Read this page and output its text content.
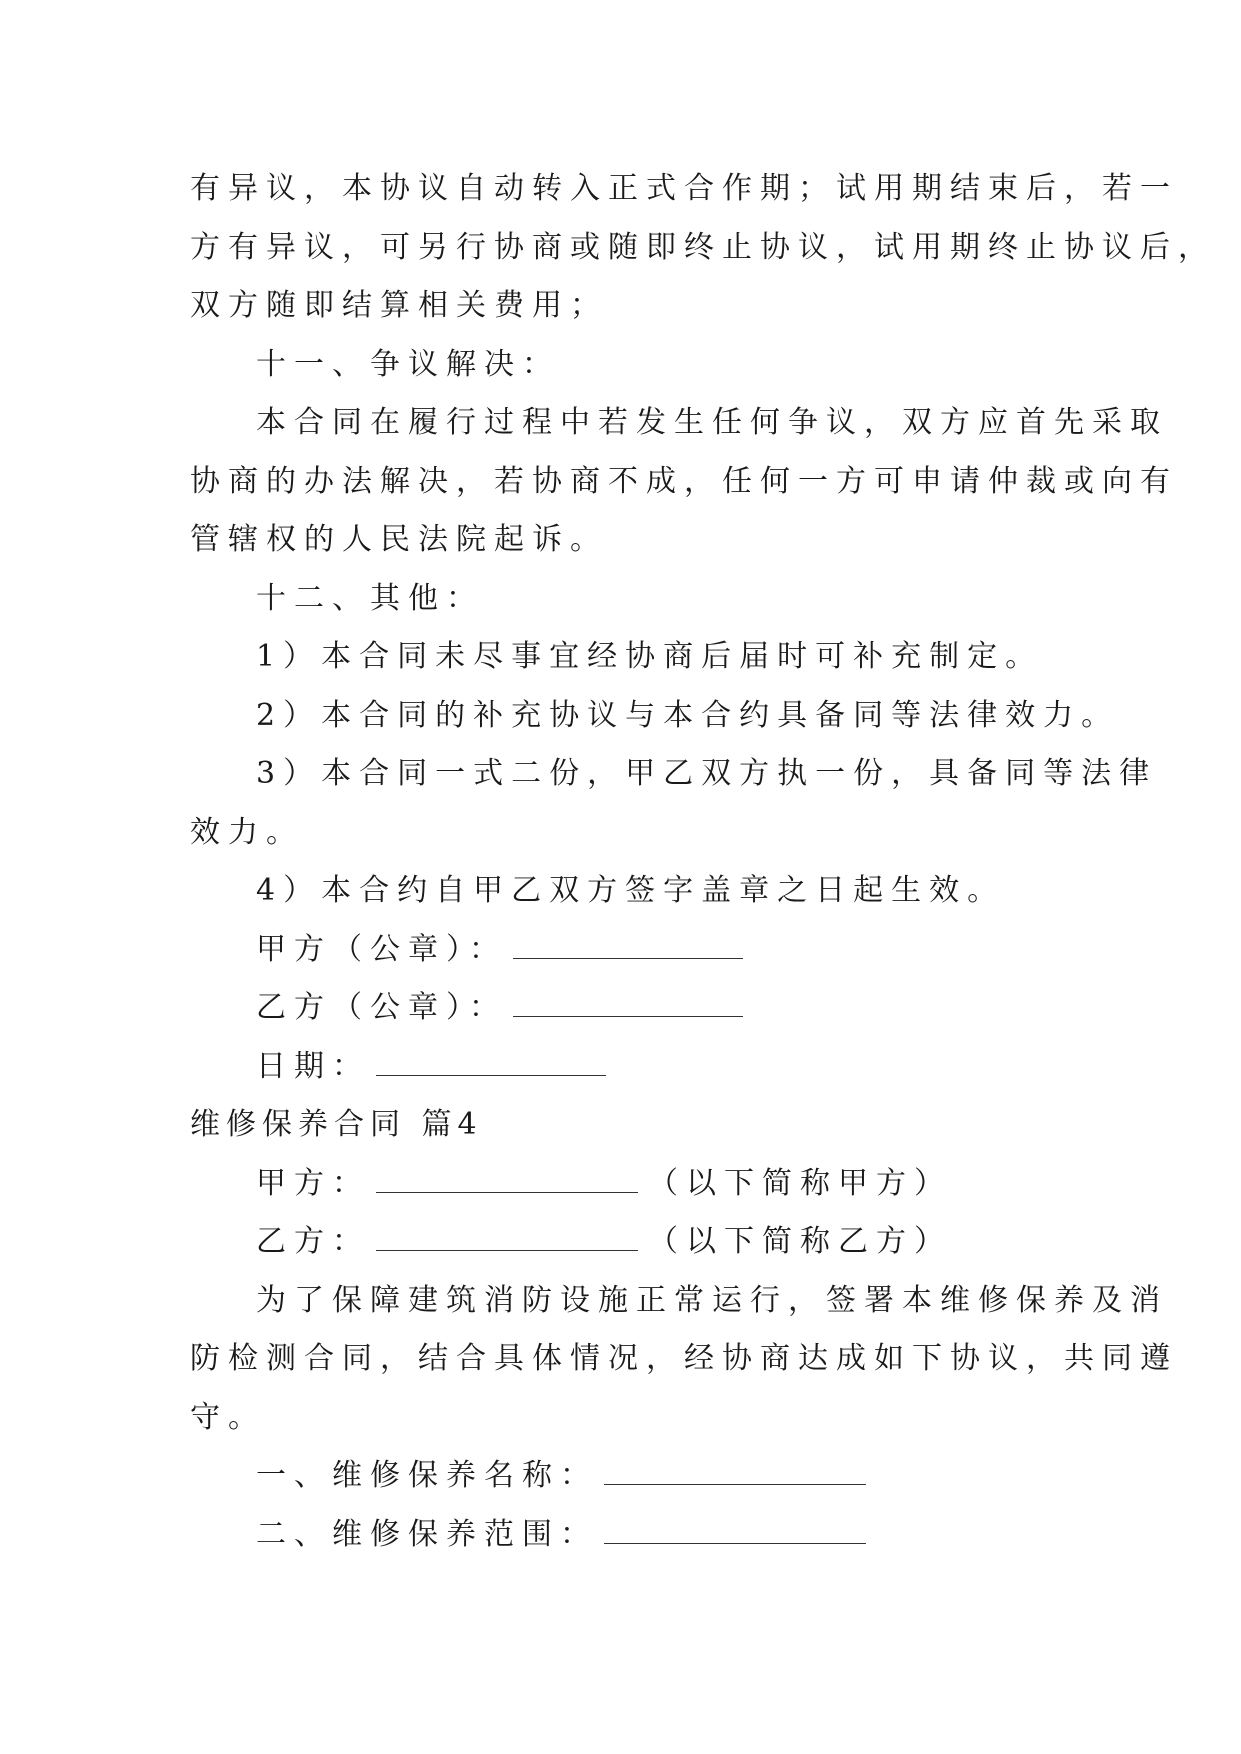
有异议，本协议自动转入正式合作期；试用期结束后，若一
方有异议，可另行协商或随即终止协议，试用期终止协议后，
双方随即结算相关费用；
十一、争议解决：
本合同在履行过程中若发生任何争议，双方应首先采取
协商的办法解决，若协商不成，任何一方可申请仲裁或向有
管辖权的人民法院起诉。
十二、其他：
1）本合同未尽事宜经协商后届时可补充制定。
2）本合同的补充协议与本合约具备同等法律效力。
3）本合同一式二份，甲乙双方执一份，具备同等法律
效力。
4）本合约自甲乙双方签字盖章之日起生效。
甲方（公章）：
乙方（公章）：
日期：
维修保养合同 篇4
甲方：	（以下简称甲方）
乙方：	（以下简称乙方）
为了保障建筑消防设施正常运行，签署本维修保养及消
防检测合同，结合具体情况，经协商达成如下协议，共同遵
守。
一、维修保养名称：
二、维修保养范围：
